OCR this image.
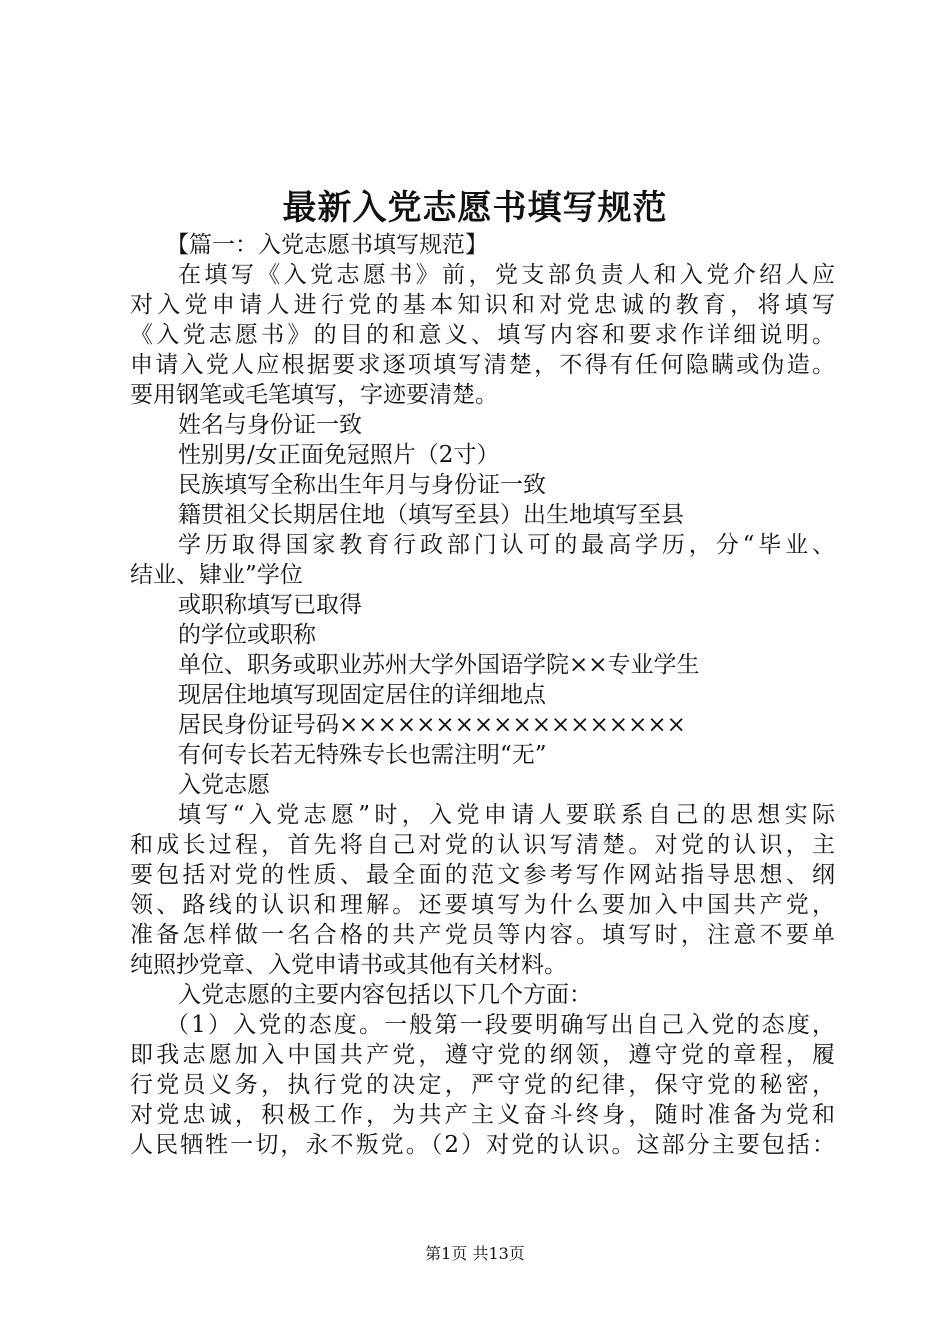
最新入党志愿书填写规范
【篇一：入党志愿书填写规范】
在填写《入党志愿书》前，党支部负责人和入党介绍人应
对入党申请人进行党的基本知识和对党忠诚的教育，将填写
《入党志愿书》的目的和意义、填写内容和要求作详细说明。
申请入党人应根据要求逐项填写清楚，不得有任何隐瞒或伪造。
要用钢笔或毛笔填写，字迹要清楚。
姓名与身份证一致
性别男/女正面免冠照片（2寸）
民族填写全称出生年月与身份证一致
籍贯祖父长期居住地（填写至县）出生地填写至县
学历取得国家教育行政部门认可的最高学历，分“毕业、
结业、肄业”学位
或职称填写已取得
的学位或职称
单位、职务或职业苏州大学外国语学院××专业学生
现居住地填写现固定居住的详细地点
居民身份证号码××××××××××××××××××
有何专长若无特殊专长也需注明“无”
入党志愿
填写“入党志愿”时，入党申请人要联系自己的思想实际
和成长过程，首先将自己对党的认识写清楚。对党的认识，主
要包括对党的性质、最全面的范文参考写作网站指导思想、纲
领、路线的认识和理解。还要填写为什么要加入中国共产党，
准备怎样做一名合格的共产党员等内容。填写时，注意不要单
纯照抄党章、入党申请书或其他有关材料。
入党志愿的主要内容包括以下几个方面：
（1）入党的态度。一般第一段要明确写出自己入党的态度，
即我志愿加入中国共产党，遵守党的纲领，遵守党的章程，履
行党员义务，执行党的决定，严守党的纪律，保守党的秘密，
对党忠诚，积极工作，为共产主义奋斗终身，随时准备为党和
人民牺牲一切，永不叛党。（2）对党的认识。这部分主要包括：
第1页 共13页
